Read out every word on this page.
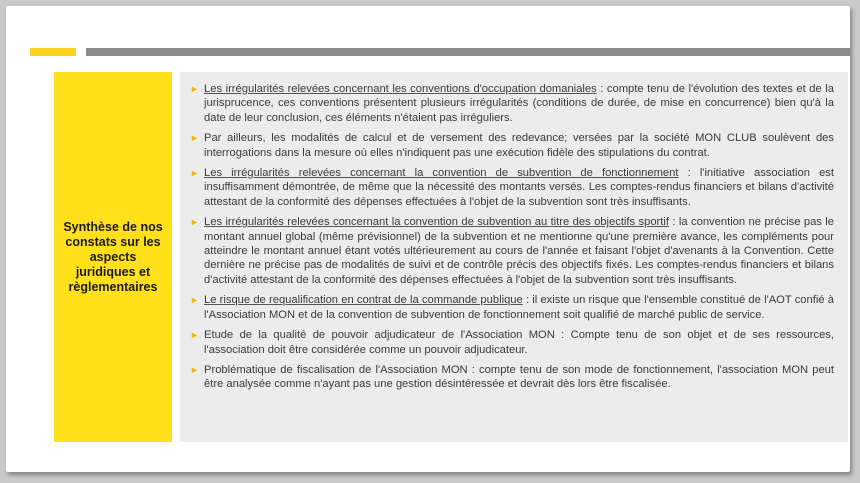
Synthèse de nos constats sur les aspects juridiques et règlementaires
► Les irrégularités relevées concernant les conventions d'occupation domaniales : compte tenu de l'évolution des textes et de la jurisprucence, ces conventions présentent plusieurs irrégularités (conditions de durée, de mise en concurrence) bien qu'à la date de leur conclusion, ces éléments n'étaient pas irréguliers.
► Par ailleurs, les modalités de calcul et de versement des redevance; versées par la société MON CLUB soulèvent des interrogations dans la mesure où elles n'indiquent pas une exécution fidèle des stipulations du contrat.
► Les irrégularités relevées concernant la convention de subvention de fonctionnement : l'initiative association est insuffisamment démontrée, de même que la nécessité des montants versés. Les comptes-rendus financiers et bilans d'activité attestant de la conformité des dépenses effectuées à l'objet de la subvention sont très insuffisants.
► Les irrégularités relevées concernant la convention de subvention au titre des objectifs sportif : la convention ne précise pas le montant annuel global (même prévisionnel) de la subvention et ne mentionne qu'une première avance, les compléments pour atteindre le montant annuel étant votés ultérieurement au cours de l'année et faisant l'objet d'avenants à la Convention. Cette dernière ne précise pas de modalités de suivi et de contrôle précis des objectifs fixés. Les comptes-rendus financiers et bilans d'activité attestant de la conformité des dépenses effectuées à l'objet de la subvention sont très insuffisants.
► Le risque de requalification en contrat de la commande publique : il existe un risque que l'ensemble constitué de l'AOT confié à l'Association MON et de la convention de subvention de fonctionnement soit qualifié de marché public de service.
► Etude de la qualité de pouvoir adjudicateur de l'Association MON : Compte tenu de son objet et de ses ressources, l'association doit être considérée comme un pouvoir adjudicateur.
► Problématique de fiscalisation de l'Association MON : compte tenu de son mode de fonctionnement, l'association MON peut être analysée comme n'ayant pas une gestion désintéressée et devrait dès lors être fiscalisée.
